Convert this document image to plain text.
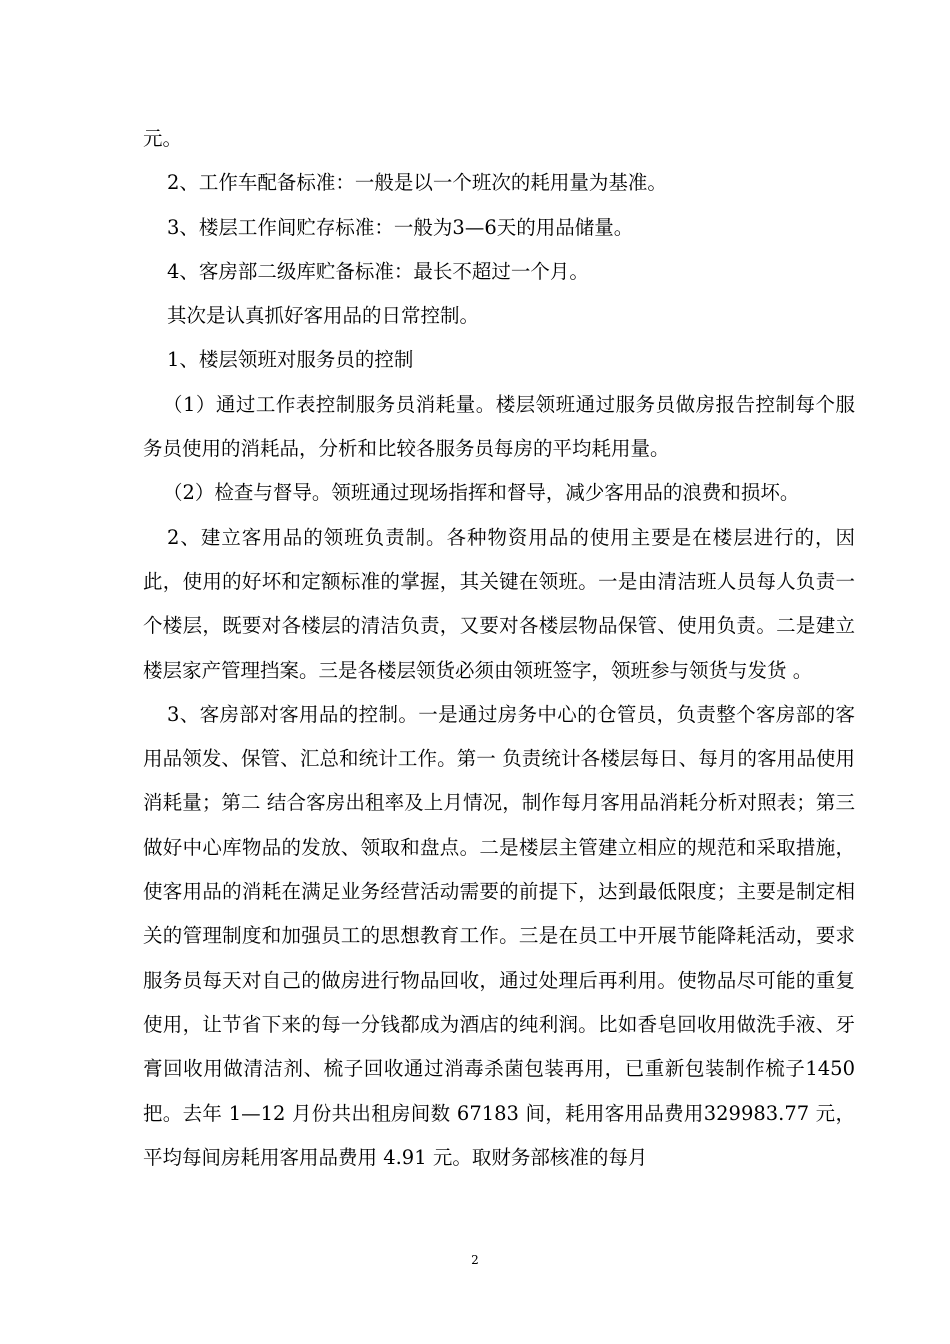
元。

2、工作车配备标准：一般是以一个班次的耗用量为基准。

3、楼层工作间贮存标准：一般为3—6天的用品储量。

4、客房部二级库贮备标准：最长不超过一个月。

其次是认真抓好客用品的日常控制。

1、楼层领班对服务员的控制

（1）通过工作表控制服务员消耗量。楼层领班通过服务员做房报告控制每个服务员使用的消耗品，分析和比较各服务员每房的平均耗用量。

（2）检查与督导。领班通过现场指挥和督导，减少客用品的浪费和损坏。

2、建立客用品的领班负责制。各种物资用品的使用主要是在楼层进行的，因此，使用的好坏和定额标准的掌握，其关键在领班。一是由清洁班人员每人负责一个楼层，既要对各楼层的清洁负责，又要对各楼层物品保管、使用负责。二是建立楼层家产管理挡案。三是各楼层领货必须由领班签字，领班参与领货与发货 。

3、客房部对客用品的控制。一是通过房务中心的仓管员，负责整个客房部的客用品领发、保管、汇总和统计工作。第一 负责统计各楼层每日、每月的客用品使用消耗量；第二 结合客房出租率及上月情况，制作每月客用品消耗分析对照表；第三 做好中心库物品的发放、领取和盘点。二是楼层主管建立相应的规范和采取措施，使客用品的消耗在满足业务经营活动需要的前提下，达到最低限度；主要是制定相关的管理制度和加强员工的思想教育工作。三是在员工中开展节能降耗活动，要求服务员每天对自己的做房进行物品回收，通过处理后再利用。使物品尽可能的重复使用，让节省下来的每一分钱都成为酒店的纯利润。比如香皂回收用做洗手液、牙膏回收用做清洁剂、梳子回收通过消毒杀菌包装再用，已重新包装制作梳子1450 把。去年 1—12 月份共出租房间数 67183 间，耗用客用品费用329983.77 元，平均每间房耗用客用品费用 4.91 元。取财务部核准的每月

2
